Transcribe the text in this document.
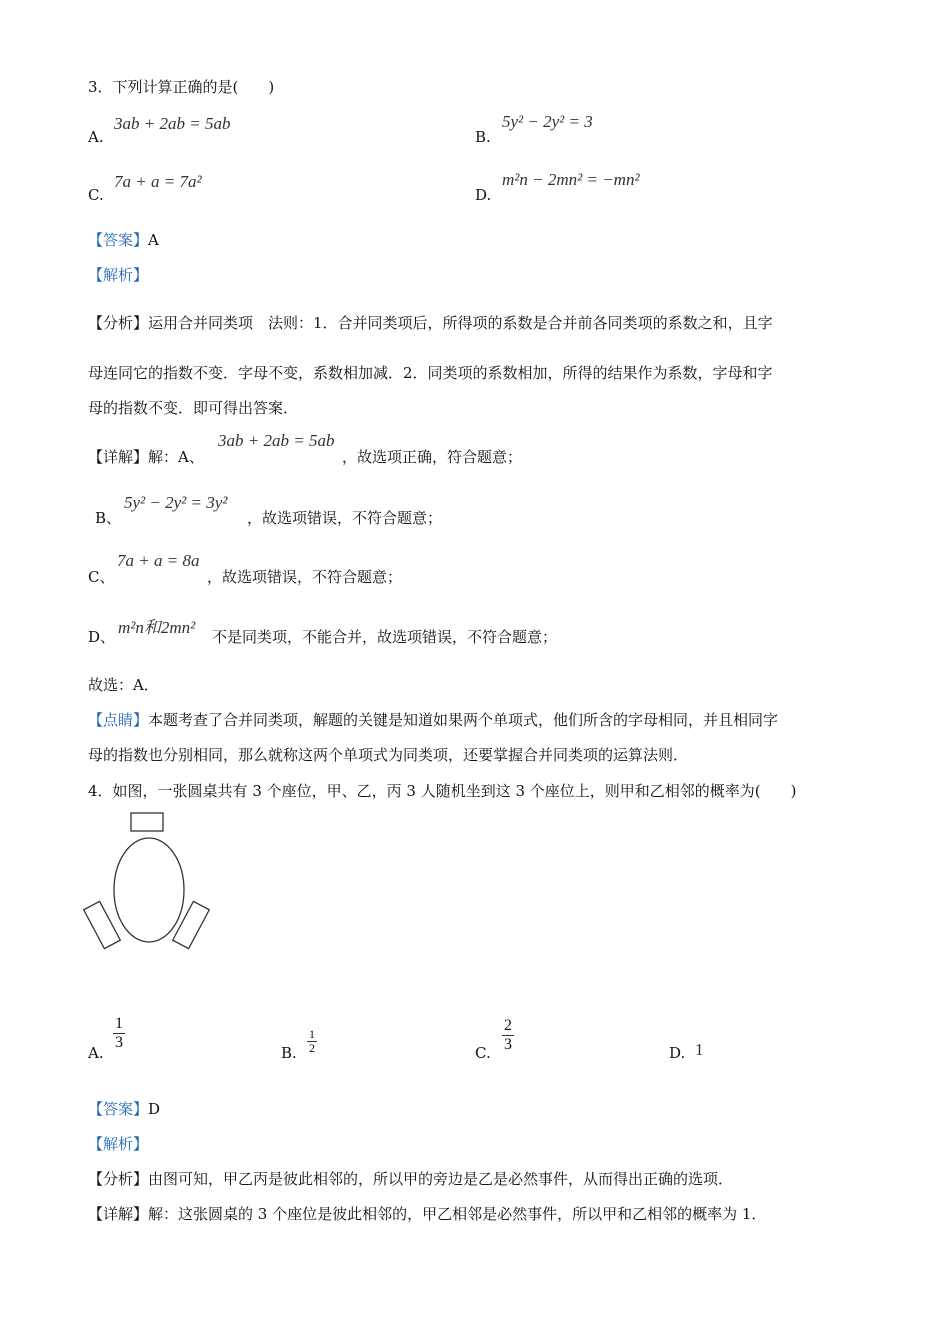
3．下列计算正确的是(　　)
A.
3ab + 2ab = 5ab
B.
5y² − 2y² = 3
C.
7a + a = 7a²
D.
m²n − 2mn² = −mn²
【答案】A
【解析】
【分析】运用合并同类项　法则：1．合并同类项后，所得项的系数是合并前各同类项的系数之和，且字
母连同它的指数不变．字母不变，系数相加减．2．同类项的系数相加，所得的结果作为系数，字母和字
母的指数不变．即可得出答案．
【详解】解：A、
3ab + 2ab = 5ab
，故选项正确，符合题意；
B、
5y² − 2y² = 3y²
，故选项错误，不符合题意；
C、
7a + a = 8a
，故选项错误，不符合题意；
D、 m²n和2mn² 不是同类项，不能合并，故选项错误，不符合题意；
故选：A．
【点睛】本题考查了合并同类项，解题的关键是知道如果两个单项式，他们所含的字母相同，并且相同字
母的指数也分别相同，那么就称这两个单项式为同类项，还要掌握合并同类项的运算法则．
4．如图，一张圆桌共有 3 个座位，甲、乙，丙 3 人随机坐到这 3 个座位上，则甲和乙相邻的概率为(　　)
A.
$\frac{1}{3}$
B. $\frac{1}{2}$	C. $\frac{2}{3}$	D. 1
【答案】D
【解析】
【分析】由图可知，甲乙丙是彼此相邻的，所以甲的旁边是乙是必然事件，从而得出正确的选项．
【详解】解：这张圆桌的 3 个座位是彼此相邻的，甲乙相邻是必然事件，所以甲和乙相邻的概率为 1．
